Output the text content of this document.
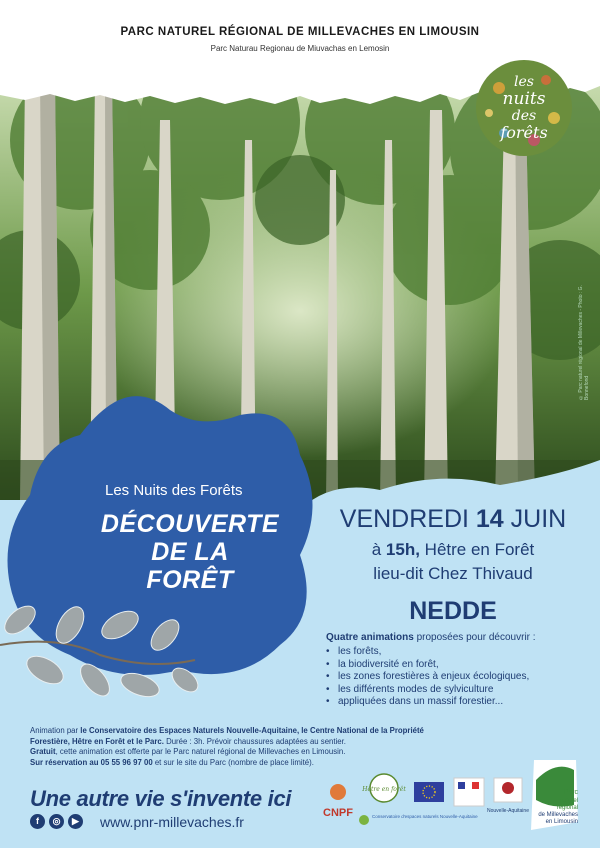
PARC NATUREL RÉGIONAL DE MILLEVACHES EN LIMOUSIN
Parc Naturau Regionau de Miuvachas en Lemosin
les
nuits
des
forêts
© Parc naturel régional de Millevaches - Photo : G. Bonnefond
Les Nuits des Forêts
DÉCOUVERTE
DE LA
FORÊT
VENDREDI 14 JUIN
à 15h, Hêtre en Forêt
lieu-dit Chez Thivaud
NEDDE
Quatre animations proposées pour découvrir :
• les forêts,
• la biodiversité en forêt,
• les zones forestières à enjeux écologiques,
• les différents modes de sylviculture
• appliquées dans un massif forestier...
Animation par le Conservatoire des Espaces Naturels Nouvelle-Aquitaine, le Centre National de la Propriété
Forestière, Hêtre en Forêt et le Parc. Durée : 3h. Prévoir chaussures adaptées au sentier.
Gratuit, cette animation est offerte par le Parc naturel régional de Millevaches en Limousin.
Sur réservation au 05 55 96 97 00 et sur le site du Parc (nombre de place limité).
Une autre vie s'invente ici
f	◎	▶ www.pnr-millevaches.fr
CNPF
Hêtre en forêt
Conservatoire d'espaces naturels Nouvelle-Aquitaine
Nouvelle-Aquitaine
Parc
naturel
régional
de Millevaches
en Limousin
